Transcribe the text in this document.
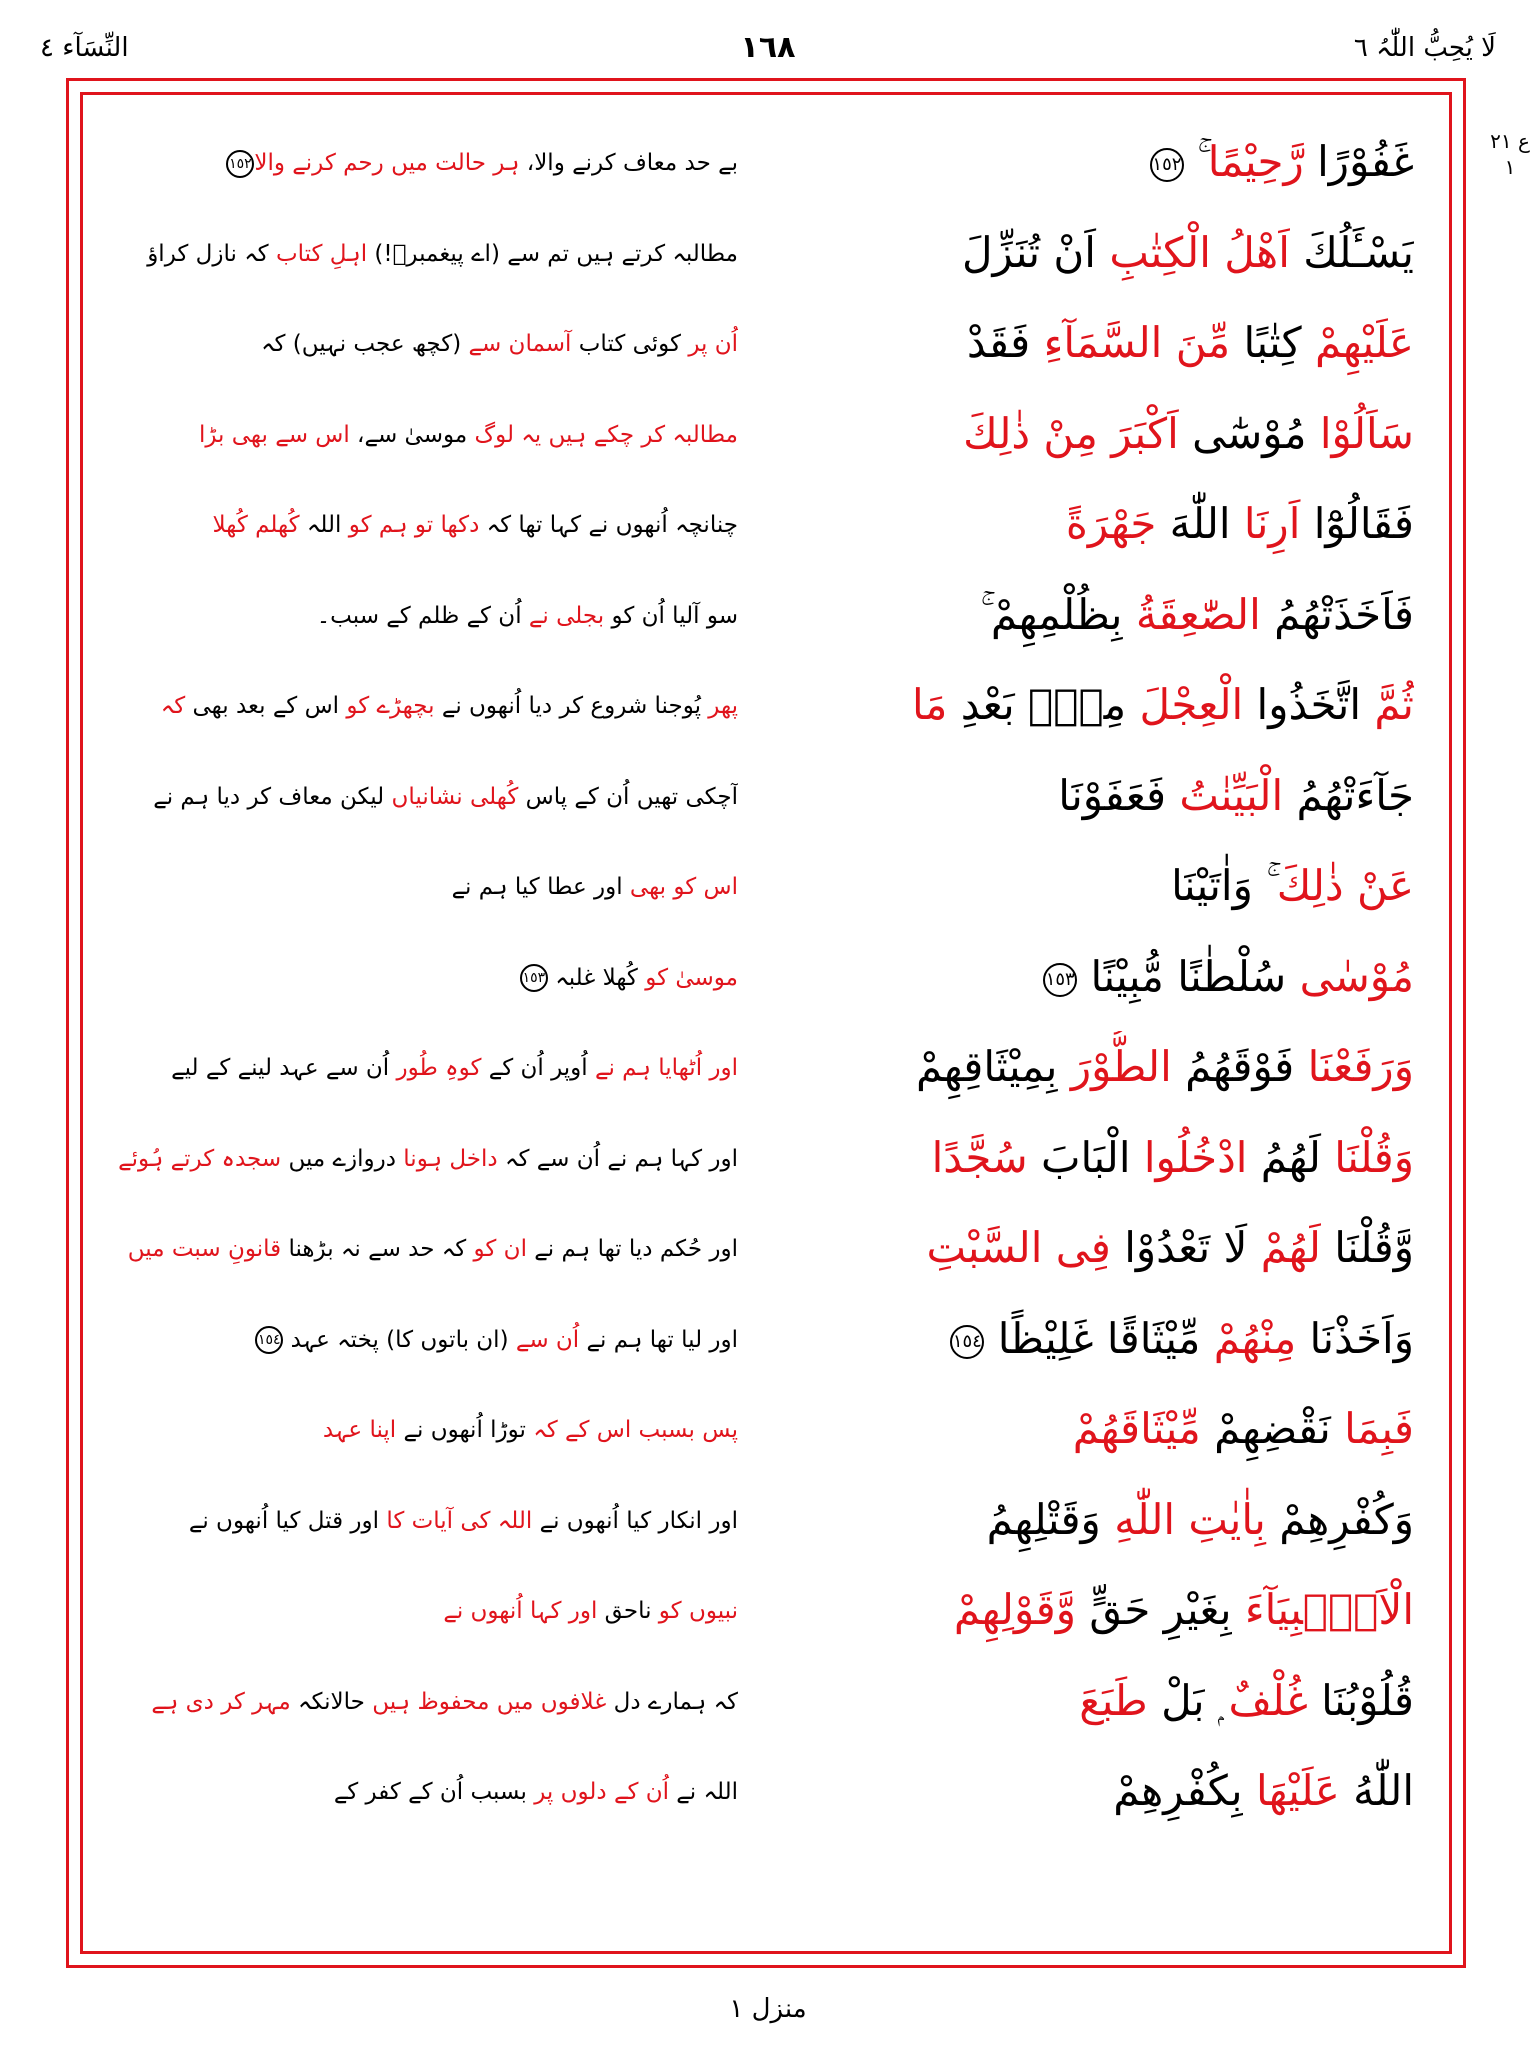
لَا یُحِبُّ اللّٰہُ ٦
١٦٨
النِّسَآء ٤
ع ٢١ ١
بے حد معاف کرنے والا، ہر حالت میں رحم کرنے والا١٥٢	غَفُوْرًا رَّحِيْمًا ۚ ١٥٢
مطالبہ کرتے ہیں تم سے (اے پیغمبرؐ!) اہلِ کتاب کہ نازل کراؤ	يَسْـَٔلُكَ اَهْلُ الْكِتٰبِ اَنْ تُنَزِّلَ
اُن پر کوئی کتاب آسمان سے (کچھ عجب نہیں) کہ	عَلَيْهِمْ كِتٰبًا مِّنَ السَّمَآءِ فَقَدْ
مطالبہ کر چکے ہیں یہ لوگ موسیٰ سے، اس سے بھی بڑا	سَاَلُوْا مُوْسٰٓى اَكْبَرَ مِنْ ذٰلِكَ
چنانچہ اُنھوں نے کہا تھا کہ دکھا تو ہم کو اللہ کُھلم کُھلا	فَقَالُوْٓا اَرِنَا اللّٰهَ جَهْرَةً
سو آلیا اُن کو بجلی نے اُن کے ظلم کے سبب۔	فَاَخَذَتْهُمُ الصّٰعِقَةُ بِظُلْمِهِمْ ۚ
پھر پُوجنا شروع کر دیا اُنھوں نے بچھڑے کو اس کے بعد بھی کہ	ثُمَّ اتَّخَذُوا الْعِجْلَ مِنْۢ بَعْدِ مَا
آچکی تھیں اُن کے پاس کُھلی نشانیاں لیکن معاف کر دیا ہم نے	جَآءَتْهُمُ الْبَيِّنٰتُ فَعَفَوْنَا
اس کو بھی اور عطا کیا ہم نے	عَنْ ذٰلِكَ ۚ وَاٰتَيْنَا
موسیٰ کو کُھلا غلبہ ١٥٣	مُوْسٰى سُلْطٰنًا مُّبِيْنًا ١٥٣
اور اُٹھایا ہم نے اُوپر اُن کے کوہِ طُور اُن سے عہد لینے کے لیے	وَرَفَعْنَا فَوْقَهُمُ الطُّوْرَ بِمِيْثَاقِهِمْ
اور کہا ہم نے اُن سے کہ داخل ہونا دروازے میں سجدہ کرتے ہُوئے	وَقُلْنَا لَهُمُ ادْخُلُوا الْبَابَ سُجَّدًا
اور حُکم دیا تھا ہم نے ان کو کہ حد سے نہ بڑھنا قانونِ سبت میں	وَّقُلْنَا لَهُمْ لَا تَعْدُوْا فِى السَّبْتِ
اور لیا تھا ہم نے اُن سے (ان باتوں کا) پختہ عہد ١٥٤	وَاَخَذْنَا مِنْهُمْ مِّيْثَاقًا غَلِيْظًا ١٥٤
پس بسبب اس کے کہ توڑا اُنھوں نے اپنا عہد	فَبِمَا نَقْضِهِمْ مِّيْثَاقَهُمْ
اور انکار کیا اُنھوں نے اللہ کی آیات کا اور قتل کیا اُنھوں نے	وَكُفْرِهِمْ بِاٰيٰتِ اللّٰهِ وَقَتْلِهِمُ
نبیوں کو ناحق اور کہا اُنھوں نے	الْاَنْۢبِيَآءَ بِغَيْرِ حَقٍّ وَّقَوْلِهِمْ
کہ ہمارے دل غلافوں میں محفوظ ہیں حالانکہ مہر کر دی ہے	قُلُوْبُنَا غُلْفٌ ۭ بَلْ طَبَعَ
اللہ نے اُن کے دلوں پر بسبب اُن کے کفر کے	اللّٰهُ عَلَيْهَا بِكُفْرِهِمْ
منزل ١
